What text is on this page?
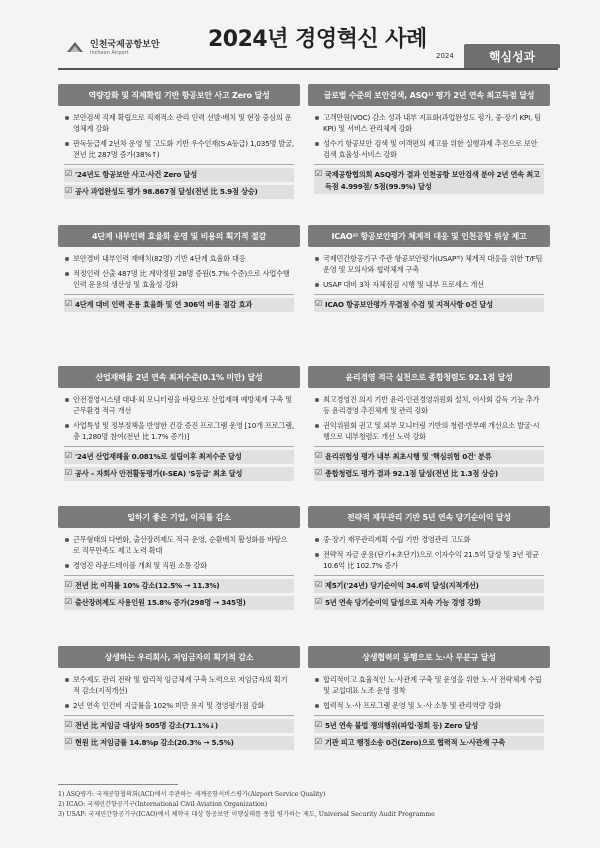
인천국제공항보안
Incheon Airport
2024년 경영혁신 사례
2024	핵심성과
역량강화 및 직제확립 기반 항공보안 사고 Zero 달성
보안검색 직제 확립으로 직재적소 관리 인력 선발·배치 및 현장 중심의 운영체계 강화
판독등급제 2년차 운영 및 고도화 기반 우수인재(S·A등급) 1,035명 발굴, 전년 比 287명 증가(38%↑)
☑ '24년도 항공보안 사고·사건 Zero 달성
☑ 공사 과업완성도 평가 98.867점 달성(전년 比 5.9점 상승)
4단계 내부인력 효율화 운영 및 비용의 획기적 절감
보안경비 내부인력 재배치(82명) 기반 4단계 효율화 대응
적정인력 산출 487명 比 계약정원 28명 증원(5.7% 수준)으로 사업수행 인력 운용의 생산성 및 효율성 강화
☑ 4단계 대비 인력 운용 효율화 및 연 306억 비용 절감 효과
산업재해율 2년 연속 최저수준(0.1% 미만) 달성
안전경영시스템 대내·외 모니터링을 바탕으로 산업재해 예방체계 구축 및 근무환경 적극 개선
사업특성 및 정부정책을 반영한 건강 증진 프로그램 운영 [10개 프로그램, 총 1,280명 참여(전년 比 1.7% 증가)]
☑ '24년 산업재해율 0.081%로 설립이후 최저수준 달성
☑ 공사 – 자회사 안전활동평가(I-SEA) 'S등급' 최초 달성
일하기 좋은 기업, 이직률 감소
근무형태의 다변화, 출산장려제도 적극 운영, 순환배치 활성화를 바탕으로 직무만족도 제고 노력 확대
경영진 라운드테이블 개최 및 직원 소통 강화
☑ 전년 比 이직률 10% 감소(12.5% → 11.3%)
☑ 출산장려제도 사용인원 15.8% 증가(298명 → 345명)
상생하는 우리회사, 저임금자의 획기적 감소
보수제도 관리 전략 및 합리적 임금체계 구축 노력으로 저임금자의 획기적 감소(지적개선)
2년 연속 인건비 지급률을 102% 미만 유지 및 경영평가점 강화
☑ 전년 比 저임금 대상자 505명 감소(71.1%↓)
☑ 현원 比 저임금률 14.8%p 감소(20.3% → 5.5%)
글로벌 수준의 보안검색, ASQ¹⁾ 평가 2년 연속 최고득점 달성
고객만원(VOC) 감소 성과 내부 지표화(과업완성도 평가, 중·장기 KPI, 팀 KPI) 및 서비스 관리체계 강화
성수기 항공보안 검색 및 여객편의 제고를 위한 실행과제 추진으로 보안검색 효율성·서비스 강화
☑ 국제공항협의회 ASQ평가 결과 인천공항 보안검색 분야 2년 연속 최고득점 4.999점/ 5점(99.9%) 달성
ICAO²⁾ 항공보안평가 체계적 대응 및 인천공항 위상 제고
국제민간항공기구 주관 항공보안평가(USAP³⁾) 체계적 대응을 위한 T/F팀 운영 및 모의사와 협력체계 구축
USAP 대비 3차 자체점검 시행 및 내부 프로세스 개선
☑ ICAO 항공보안평가 무결점 수검 및 지적사항 0건 달성
윤리경영 적극 실천으로 종합청렴도 92.1점 달성
최고경영진 의지 기반 윤리·인권경영위원회 설치, 이사회 감독 기능 추가 등 윤리경영 추진체계 및 관리 강화
권익위원회 권고 및 외부 모니터링 기반의 청렴·반부패 개선요소 발굴·시행으로 내부청렴도 개선 노력 강화
☑ 윤리위험성 평가 내부 최초시행 및 '핵심위험 0건' 분류
☑ 종합청렴도 평가 결과 92.1점 달성(전년 比 1.3점 상승)
전략적 재무관리 기반 5년 연속 당기순이익 달성
중·장기 재무관리계획 수립 기반 경영관리 고도화
전략적 자금 운용(단기+초단기)으로 이자수익 21.5억 달성 및 3년 평균 10.6억 比 102.7% 증가
☑ 제5기('24년) 당기순이익 34.6억 달성(지적개선)
☑ 5년 연속 당기순이익 달성으로 지속 가능 경영 강화
상생협력의 동행으로 노·사 무분규 달성
합리적이고 효율적인 노·사관계 구축 및 운영을 위한 노·사 전략체계 수립 및 교섭대표 노조 운영 정착
협력적 노·사 프로그램 운영 및 노·사 소통 및 관리역량 강화
☑ 5년 연속 불법 쟁의행위(파업·점회 등) Zero 달성
☑ 기관 피고 행정소송 0건(Zero)으로 협력적 노·사관계 구축
1) ASQ평가: 국제공항협의회(ACI)에서 주관하는 세계공항서비스평가(Airport Service Quality)
2) ICAO: 국제민간항공기구(International Civil Aviation Organization)
3) USAP: 국제민간항공기구(ICAO)에서 체약국 대상 항공보안 이행실태를 종합 평가하는 제도, Universal Security Audit Programme
